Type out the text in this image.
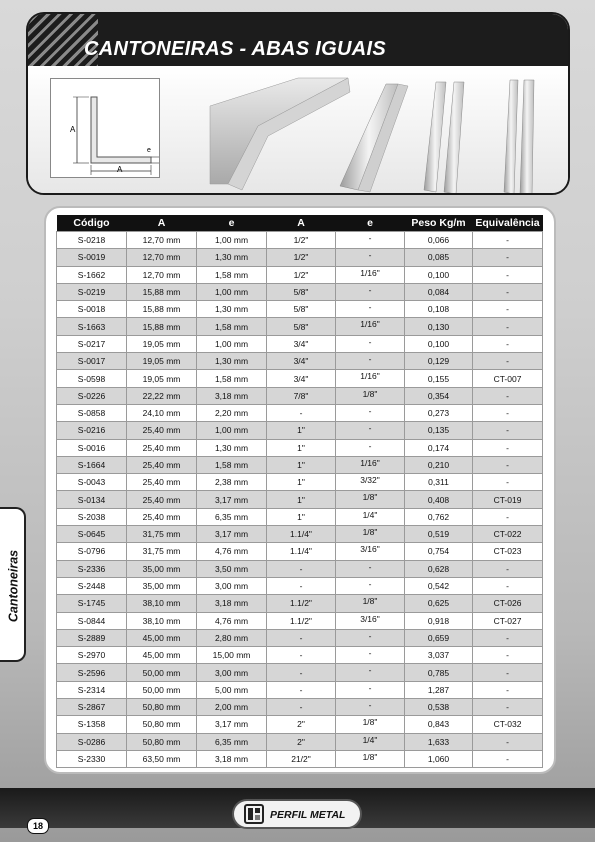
CANTONEIRAS - ABAS IGUAIS
A
A
e
Código	A	e	A	e	Peso Kg/m	Equivalência
S-0218	12,70 mm	1,00 mm	1/2"	-	0,066	-
S-0019	12,70 mm	1,30 mm	1/2"	-	0,085	-
S-1662	12,70 mm	1,58 mm	1/2"	1/16"	0,100	-
S-0219	15,88 mm	1,00 mm	5/8"	-	0,084	-
S-0018	15,88 mm	1,30 mm	5/8"	-	0,108	-
S-1663	15,88 mm	1,58 mm	5/8"	1/16"	0,130	-
S-0217	19,05 mm	1,00 mm	3/4"	-	0,100	-
S-0017	19,05 mm	1,30 mm	3/4"	-	0,129	-
S-0598	19,05 mm	1,58 mm	3/4"	1/16"	0,155	CT-007
S-0226	22,22 mm	3,18 mm	7/8"	1/8"	0,354	-
S-0858	24,10 mm	2,20 mm	-	-	0,273	-
S-0216	25,40 mm	1,00 mm	1"	-	0,135	-
S-0016	25,40 mm	1,30 mm	1"	-	0,174	-
S-1664	25,40 mm	1,58 mm	1"	1/16"	0,210	-
S-0043	25,40 mm	2,38 mm	1"	3/32"	0,311	-
S-0134	25,40 mm	3,17 mm	1"	1/8"	0,408	CT-019
S-2038	25,40 mm	6,35 mm	1"	1/4"	0,762	-
S-0645	31,75 mm	3,17 mm	1.1/4"	1/8"	0,519	CT-022
S-0796	31,75 mm	4,76 mm	1.1/4"	3/16"	0,754	CT-023
S-2336	35,00 mm	3,50 mm	-	-	0,628	-
S-2448	35,00 mm	3,00 mm	-	-	0,542	-
S-1745	38,10 mm	3,18 mm	1.1/2"	1/8"	0,625	CT-026
S-0844	38,10 mm	4,76 mm	1.1/2"	3/16"	0,918	CT-027
S-2889	45,00 mm	2,80 mm	-	-	0,659	-
S-2970	45,00 mm	15,00 mm	-	-	3,037	-
S-2596	50,00 mm	3,00 mm	-	-	0,785	-
S-2314	50,00 mm	5,00 mm	-	-	1,287	-
S-2867	50,80 mm	2,00 mm	-	-	0,538	-
S-1358	50,80 mm	3,17 mm	2"	1/8"	0,843	CT-032
S-0286	50,80 mm	6,35 mm	2"	1/4"	1,633	-
S-2330	63,50 mm	3,18 mm	21/2"	1/8"	1,060	-
Cantoneiras
PERFIL METAL
18
